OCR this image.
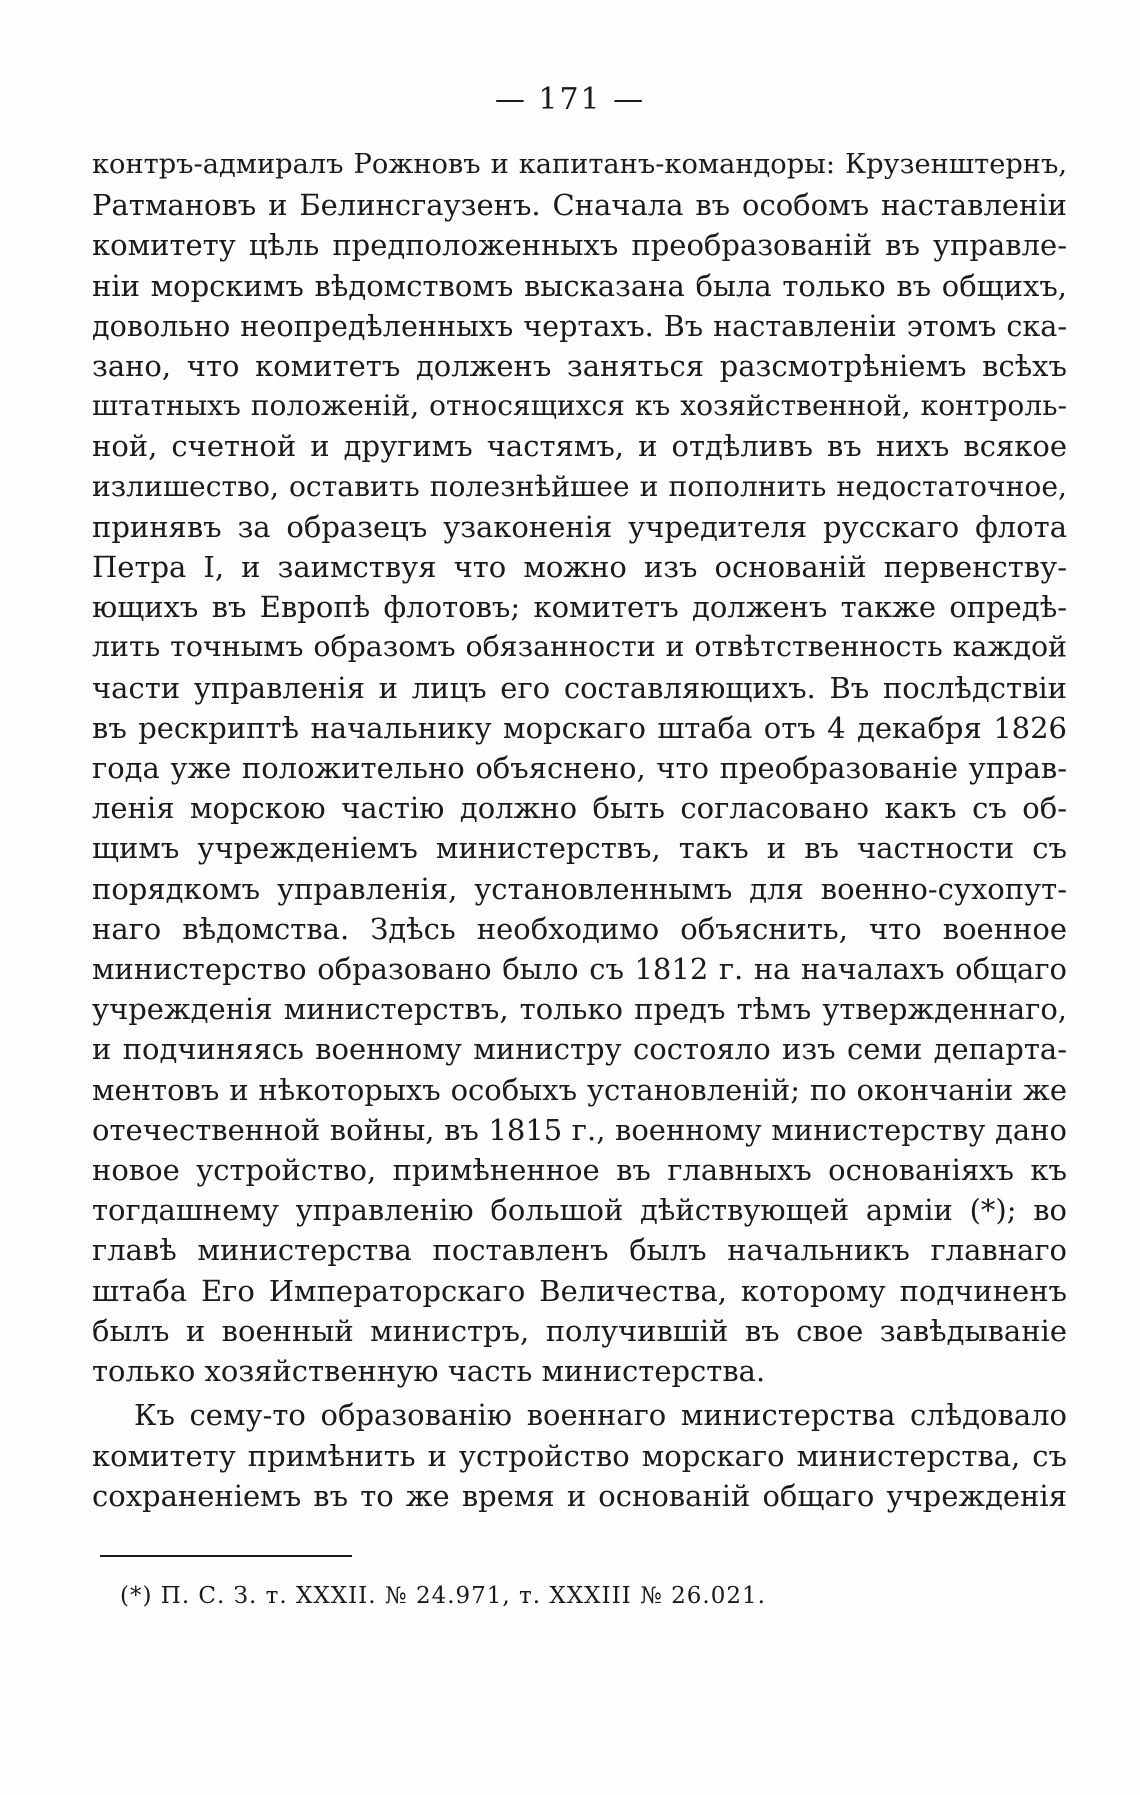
— 171 —

контръ-адмиралъ Рожновъ и капитанъ-командоры: Крузенштернъ,
Ратмановъ и Белинсгаузенъ. Сначала въ особомъ наставленіи
комитету цѣль предположенныхъ преобразованій въ управле-
ніи морскимъ вѣдомствомъ высказана была только въ общихъ,
довольно неопредѣленныхъ чертахъ. Въ наставленіи этомъ ска-
зано, что комитетъ долженъ заняться разсмотрѣніемъ всѣхъ
штатныхъ положеній, относящихся къ хозяйственной, контроль-
ной, счетной и другимъ частямъ, и отдѣливъ въ нихъ всякое
излишество, оставить полезнѣйшее и пополнить недостаточное,
принявъ за образецъ узаконенія учредителя русскаго флота
Петра I, и заимствуя что можно изъ основаній первенству-
ющихъ въ Европѣ флотовъ; комитетъ долженъ также опредѣ-
лить точнымъ образомъ обязанности и отвѣтственность каждой
части управленія и лицъ его составляющихъ. Въ послѣдствіи
въ рескриптѣ начальнику морскаго штаба отъ 4 декабря 1826
года уже положительно объяснено, что преобразованіе управ-
ленія морскою частію должно быть согласовано какъ съ об-
щимъ учрежденіемъ министерствъ, такъ и въ частности съ
порядкомъ управленія, установленнымъ для военно-сухопут-
наго вѣдомства. Здѣсь необходимо объяснить, что военное
министерство образовано было съ 1812 г. на началахъ общаго
учрежденія министерствъ, только предъ тѣмъ утвержденнаго,
и подчиняясь военному министру состояло изъ семи департа-
ментовъ и нѣкоторыхъ особыхъ установленій; по окончаніи же
отечественной войны, въ 1815 г., военному министерству дано
новое устройство, примѣненное въ главныхъ основаніяхъ къ
тогдашнему управленію большой дѣйствующей арміи (*); во
главѣ министерства поставленъ былъ начальникъ главнаго
штаба Его Императорскаго Величества, которому подчиненъ
былъ и военный министръ, получившій въ свое завѣдываніе
только хозяйственную часть министерства.

Къ сему-то образованію военнаго министерства слѣдовало
комитету примѣнить и устройство морскаго министерства, съ
сохраненіемъ въ то же время и основаній общаго учрежденія

(*) П. С. З. т. XXXII. № 24.971, т. XXXIII № 26.021.
